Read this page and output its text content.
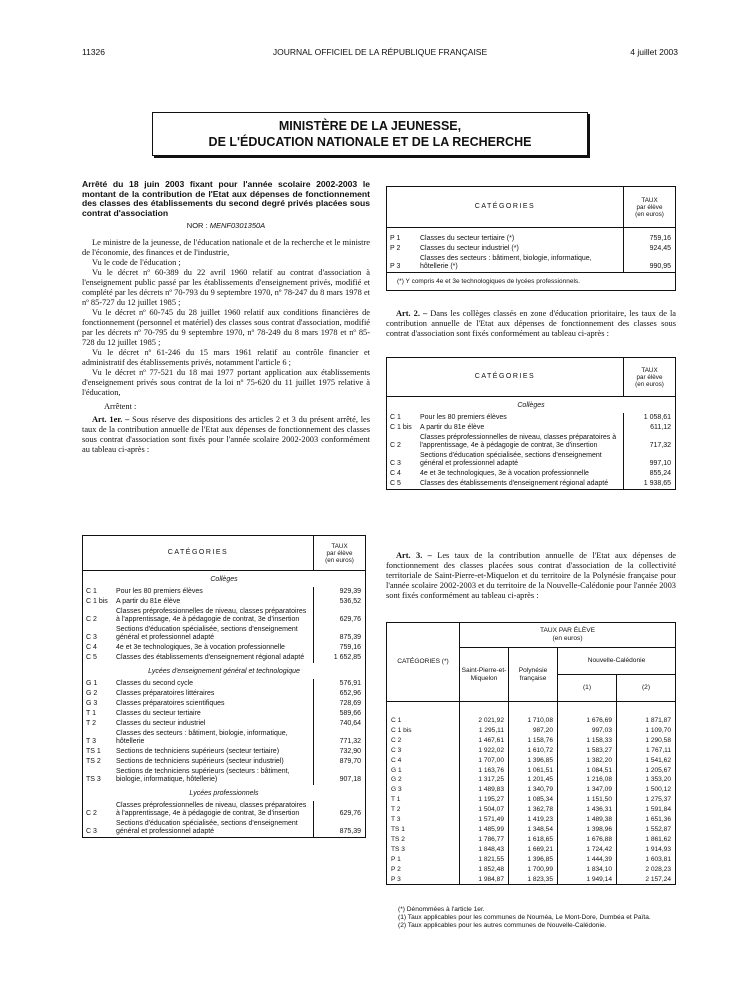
11326	JOURNAL OFFICIEL DE LA RÉPUBLIQUE FRANÇAISE	4 juillet 2003
MINISTÈRE DE LA JEUNESSE,
DE L'ÉDUCATION NATIONALE ET DE LA RECHERCHE
Arrêté du 18 juin 2003 fixant pour l'année scolaire 2002-2003 le montant de la contribution de l'Etat aux dépenses de fonctionnement des classes des établissements du second degré privés placées sous contrat d'association
NOR : MENF0301350A

Le ministre de la jeunesse, de l'éducation nationale et de la recherche et le ministre de l'économie, des finances et de l'industrie,

Vu le code de l'éducation ;

Vu le décret nº 60-389 du 22 avril 1960 relatif au contrat d'association à l'enseignement public passé par les établissements d'enseignement privés, modifié et complété par les décrets nº 70-793 du 9 septembre 1970, nº 78-247 du 8 mars 1978 et nº 85-727 du 12 juillet 1985 ;

Vu le décret nº 60-745 du 28 juillet 1960 relatif aux conditions financières de fonctionnement (personnel et matériel) des classes sous contrat d'association, modifié par les décrets nº 70-795 du 9 septembre 1970, nº 78-249 du 8 mars 1978 et nº 85-728 du 12 juillet 1985 ;

Vu le décret nº 61-246 du 15 mars 1961 relatif au contrôle financier et administratif des établissements privés, notamment l'article 6 ;

Vu le décret nº 77-521 du 18 mai 1977 portant application aux établissements d'enseignement privés sous contrat de la loi nº 75-620 du 11 juillet 1975 relative à l'éducation,

Arrêtent :

Art. 1er. – Sous réserve des dispositions des articles 2 et 3 du présent arrêté, les taux de la contribution annuelle de l'Etat aux dépenses de fonctionnement des classes sous contrat d'association sont fixés pour l'année scolaire 2002-2003 conformément au tableau ci-après :

CATÉGORIES		TAUX
par élève
(en euros)

Collèges		
C 1	Pour les 80 premiers élèves	929,39
C 1 bis	A partir du 81e élève	536,52
C 2	Classes préprofessionnelles de niveau, classes préparatoires à l'apprentissage, 4e à pédagogie de contrat, 3e d'insertion	629,76
C 3	Sections d'éducation spécialisée, sections d'enseignement général et professionnel adapté	875,39
C 4	4e et 3e technologiques, 3e à vocation professionnelle	759,16
C 5	Classes des établissements d'enseignement régional adapté	1 652,85
Lycées d'enseignement général et technologique		
G 1	Classes du second cycle	576,91
G 2	Classes préparatoires littéraires	652,96
G 3	Classes préparatoires scientifiques	728,69
T 1	Classes du secteur tertiaire	589,66
T 2	Classes du secteur industriel	740,64
T 3	Classes des secteurs : bâtiment, biologie, informatique, hôtellerie	771,32
TS 1	Sections de techniciens supérieurs (secteur tertiaire)	732,90
TS 2	Sections de techniciens supérieurs (secteur industriel)	879,70
TS 3	Sections de techniciens supérieurs (secteurs : bâtiment, biologie, informatique, hôtellerie)	907,18
Lycées professionnels		
C 2	Classes préprofessionnelles de niveau, classes préparatoires à l'apprentissage, 4e à pédagogie de contrat, 3e d'insertion	629,76
C 3	Sections d'éducation spécialisée, sections d'enseignement général et professionnel adapté	875,39
CATÉGORIES		TAUX
par élève
(en euros)

P 1	Classes du secteur tertiaire (*)	759,16
P 2	Classes du secteur industriel (*)	924,45
P 3	Classes des secteurs : bâtiment, biologie, informatique, hôtellerie (*)	990,95
(*) Y compris 4e et 3e technologiques de lycées professionnels.		

Art. 2. – Dans les collèges classés en zone d'éducation prioritaire, les taux de la contribution annuelle de l'Etat aux dépenses de fonctionnement des classes sous contrat d'association sont fixés conformément au tableau ci-après :

CATÉGORIES		TAUX
par élève
(en euros)

Collèges		
C 1	Pour les 80 premiers élèves	1 058,61
C 1 bis	A partir du 81e élève	611,12
C 2	Classes préprofessionnelles de niveau, classes préparatoires à l'apprentissage, 4e à pédagogie de contrat, 3e d'insertion	717,32
C 3	Sections d'éducation spécialisée, sections d'enseignement général et professionnel adapté	997,10
C 4	4e et 3e technologiques, 3e à vocation professionnelle	855,24
C 5	Classes des établissements d'enseignement régional adapté	1 938,65

Art. 3. – Les taux de la contribution annuelle de l'Etat aux dépenses de fonctionnement des classes placées sous contrat d'association de la collectivité territoriale de Saint-Pierre-et-Miquelon et du territoire de la Polynésie française pour l'année scolaire 2002-2003 et du territoire de la Nouvelle-Calédonie pour l'année 2003 sont fixés conformément au tableau ci-après :

CATÉGORIES (*)	TAUX PAR ÉLÈVE
(en euros)			

	Saint-Pierre-et-Miquelon	Polynésie française	Nouvelle-Calédonie	
			(1)	(2)

C 1	2 021,92	1 710,08	1 676,69	1 871,87
C 1 bis	1 295,11	987,20	997,03	1 109,70
C 2	1 467,61	1 158,76	1 158,33	1 290,58
C 3	1 922,02	1 610,72	1 583,27	1 767,11
C 4	1 707,00	1 396,85	1 382,20	1 541,62
G 1	1 163,76	1 061,51	1 084,51	1 205,67
G 2	1 317,25	1 201,45	1 216,08	1 353,20
G 3	1 489,83	1 340,79	1 347,09	1 500,12
T 1	1 195,27	1 085,34	1 151,50	1 275,37
T 2	1 504,07	1 362,78	1 436,31	1 591,84
T 3	1 571,49	1 419,23	1 489,38	1 651,36
TS 1	1 485,99	1 348,54	1 398,96	1 552,87
TS 2	1 786,77	1 618,65	1 676,88	1 861,62
TS 3	1 848,43	1 669,21	1 724,42	1 914,93
P 1	1 821,55	1 396,85	1 444,39	1 603,81
P 2	1 852,48	1 700,99	1 834,10	2 028,23
P 3	1 984,87	1 823,35	1 949,14	2 157,24
(*) Dénommées à l'article 1er.
(1) Taux applicables pour les communes de Nouméa, Le Mont-Dore, Dumbéa et Païta.
(2) Taux applicables pour les autres communes de Nouvelle-Calédonie.
